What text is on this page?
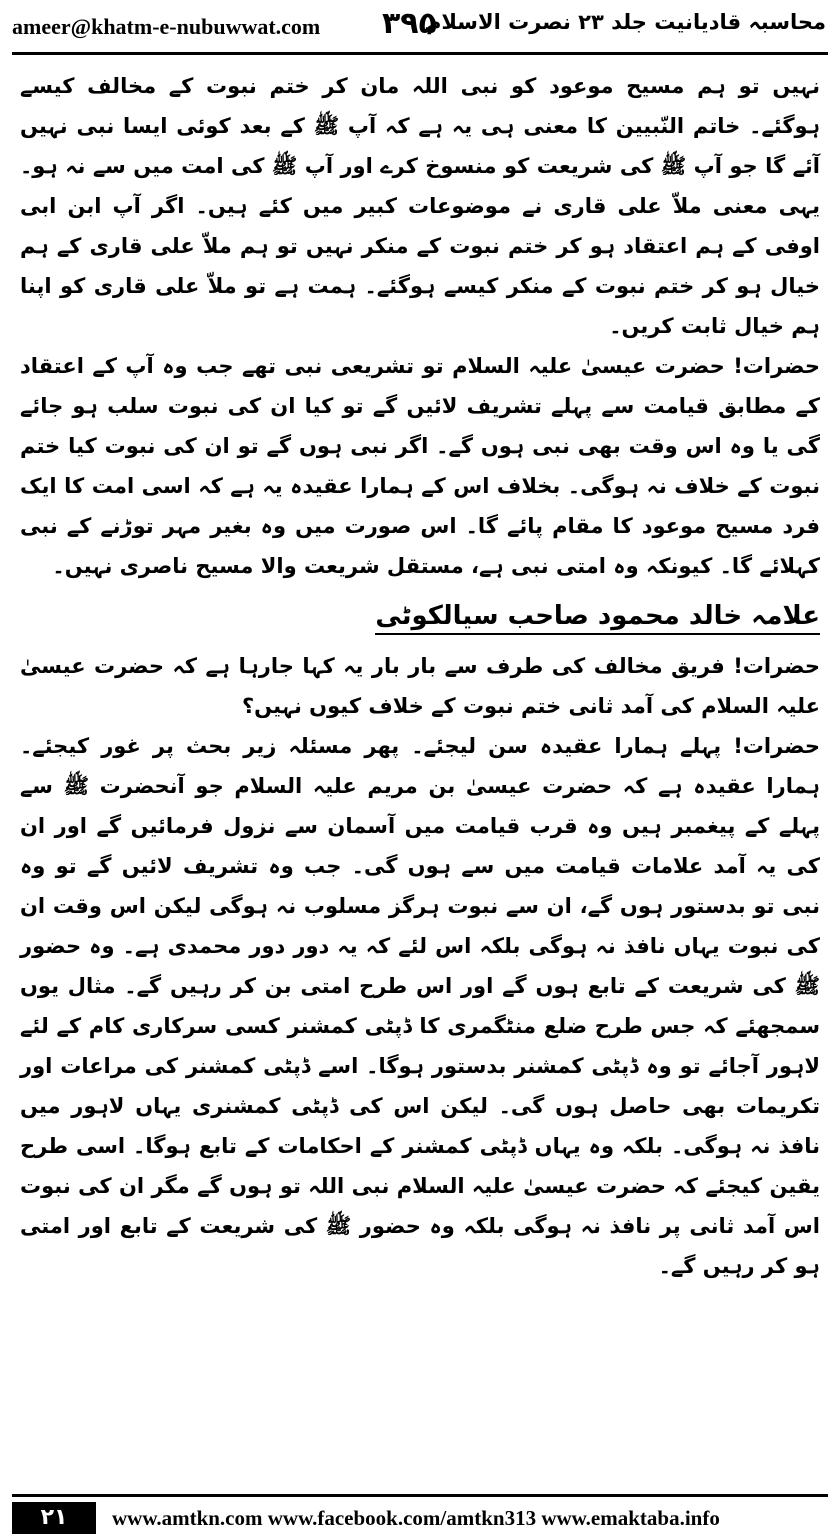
ameer@khatm-e-nubuwwat.com ۳۹۵
محاسبہ قادیانیت جلد ۲۳ نصرت الاسلام

نہیں تو ہم مسیح موعود کو نبی اللہ مان کر ختم نبوت کے مخالف کیسے ہوگئے۔ خاتم النّبیین کا معنی ہی یہ ہے کہ آپ ﷺ کے بعد کوئی ایسا نبی نہیں آئے گا جو آپ ﷺ کی شریعت کو منسوخ کرے اور آپ ﷺ کی امت میں سے نہ ہو۔ یہی معنی ملاّ علی قاری نے موضوعات کبیر میں کئے ہیں۔ اگر آپ ابن ابی اوفی کے ہم اعتقاد ہو کر ختم نبوت کے منکر نہیں تو ہم ملاّ علی قاری کے ہم خیال ہو کر ختم نبوت کے منکر کیسے ہوگئے۔ ہمت ہے تو ملاّ علی قاری کو اپنا ہم خیال ثابت کریں۔

حضرات! حضرت عیسیٰ علیہ السلام تو تشریعی نبی تھے جب وہ آپ کے اعتقاد کے مطابق قیامت سے پہلے تشریف لائیں گے تو کیا ان کی نبوت سلب ہو جائے گی یا وہ اس وقت بھی نبی ہوں گے۔ اگر نبی ہوں گے تو ان کی نبوت کیا ختم نبوت کے خلاف نہ ہوگی۔ بخلاف اس کے ہمارا عقیدہ یہ ہے کہ اسی امت کا ایک فرد مسیح موعود کا مقام پائے گا۔ اس صورت میں وہ بغیر مہر توڑنے کے نبی کہلائے گا۔ کیونکہ وہ امتی نبی ہے، مستقل شریعت والا مسیح ناصری نہیں۔

علامہ خالد محمود صاحب سیالکوٹی

حضرات! فریق مخالف کی طرف سے بار بار یہ کہا جارہا ہے کہ حضرت عیسیٰ علیہ السلام کی آمد ثانی ختم نبوت کے خلاف کیوں نہیں؟

حضرات! پہلے ہمارا عقیدہ سن لیجئے۔ پھر مسئلہ زیر بحث پر غور کیجئے۔ ہمارا عقیدہ ہے کہ حضرت عیسیٰ بن مریم علیہ السلام جو آنحضرت ﷺ سے پہلے کے پیغمبر ہیں وہ قرب قیامت میں آسمان سے نزول فرمائیں گے اور ان کی یہ آمد علامات قیامت میں سے ہوں گی۔ جب وہ تشریف لائیں گے تو وہ نبی تو بدستور ہوں گے، ان سے نبوت ہرگز مسلوب نہ ہوگی لیکن اس وقت ان کی نبوت یہاں نافذ نہ ہوگی بلکہ اس لئے کہ یہ دور دور محمدی ہے۔ وہ حضور ﷺ کی شریعت کے تابع ہوں گے اور اس طرح امتی بن کر رہیں گے۔ مثال یوں سمجھئے کہ جس طرح ضلع منٹگمری کا ڈپٹی کمشنر کسی سرکاری کام کے لئے لاہور آجائے تو وہ ڈپٹی کمشنر بدستور ہوگا۔ اسے ڈپٹی کمشنر کی مراعات اور تکریمات بھی حاصل ہوں گی۔ لیکن اس کی ڈپٹی کمشنری یہاں لاہور میں نافذ نہ ہوگی۔ بلکہ وہ یہاں ڈپٹی کمشنر کے احکامات کے تابع ہوگا۔ اسی طرح یقین کیجئے کہ حضرت عیسیٰ علیہ السلام نبی اللہ تو ہوں گے مگر ان کی نبوت اس آمد ثانی پر نافذ نہ ہوگی بلکہ وہ حضور ﷺ کی شریعت کے تابع اور امتی ہو کر رہیں گے۔

۲۱	www.amtkn.com www.facebook.com/amtkn313 www.emaktaba.info
